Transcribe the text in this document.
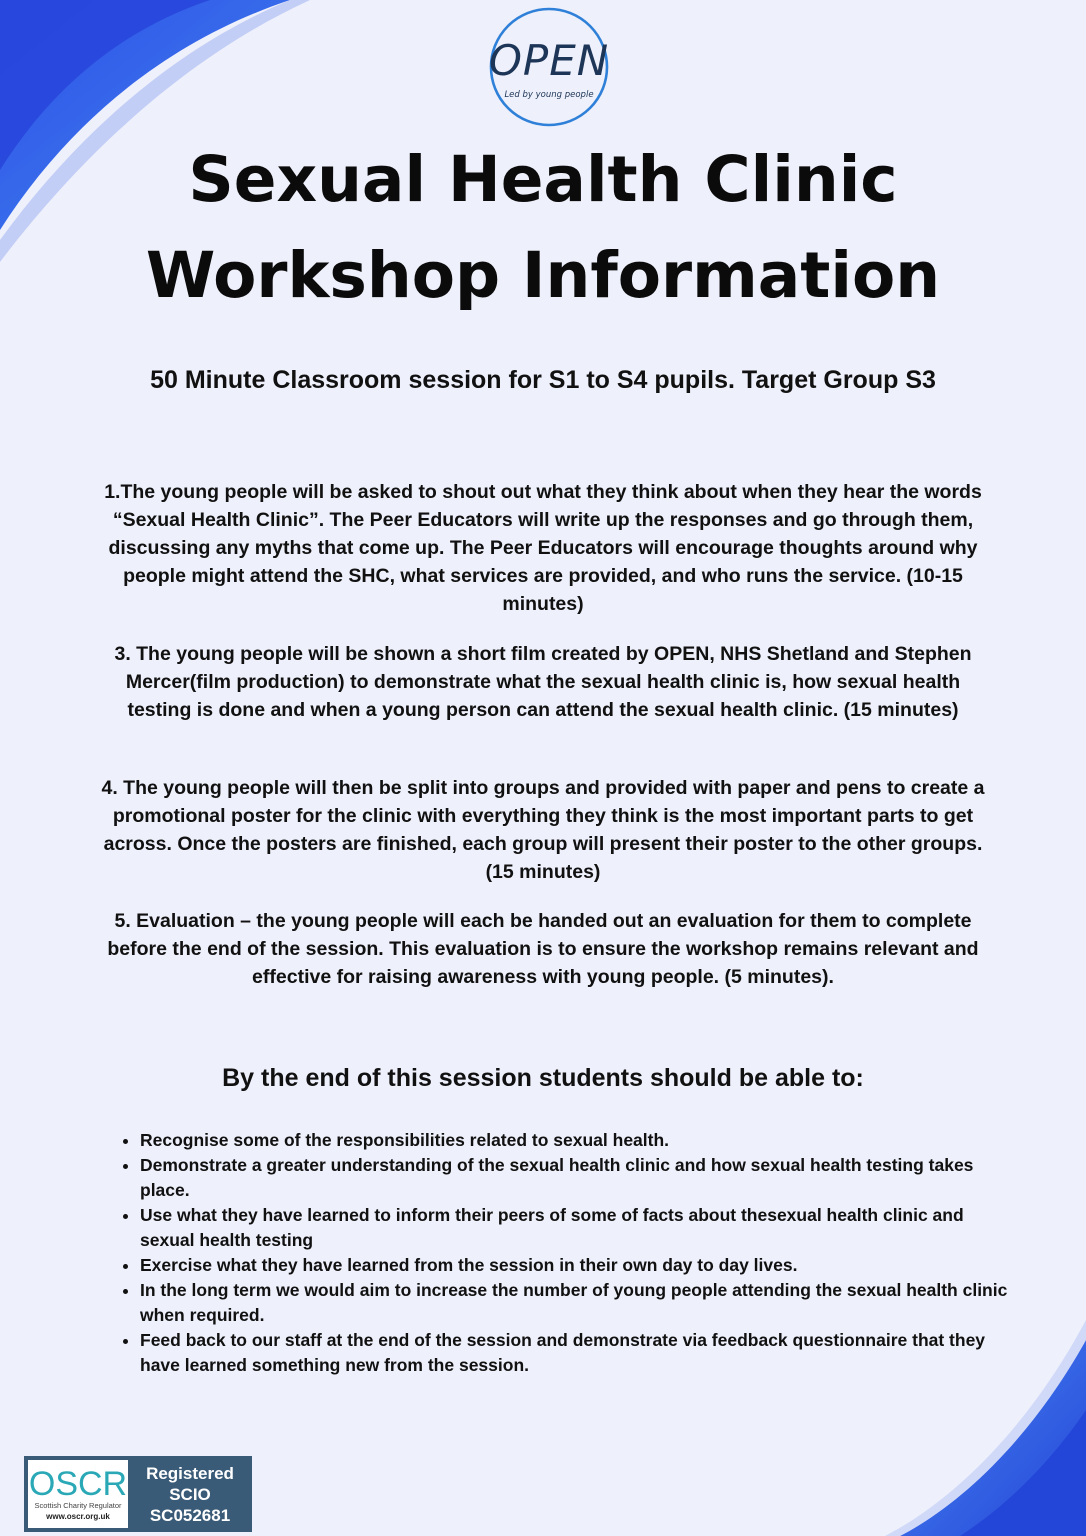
OPEN
Led by young people
Sexual Health Clinic
Workshop Information

50 Minute Classroom session for S1 to S4 pupils. Target Group S3

1.The young people will be asked to shout out what they think about when they hear the words “Sexual Health Clinic”. The Peer Educators will write up the responses and go through them, discussing any myths that come up. The Peer Educators will encourage thoughts around why people might attend the SHC, what services are provided, and who runs the service. (10-15 minutes)

3. The young people will be shown a short film created by OPEN, NHS Shetland and Stephen Mercer(film production) to demonstrate what the sexual health clinic is, how sexual health testing is done and when a young person can attend the sexual health clinic. (15 minutes)

4. The young people will then be split into groups and provided with paper and pens to create a promotional poster for the clinic with everything they think is the most important parts to get across. Once the posters are finished, each group will present their poster to the other groups. (15 minutes)

5. Evaluation – the young people will each be handed out an evaluation for them to complete before the end of the session. This evaluation is to ensure the workshop remains relevant and effective for raising awareness with young people. (5 minutes).

By the end of this session students should be able to:
• Recognise some of the responsibilities related to sexual health.
• Demonstrate a greater understanding of the sexual health clinic and how sexual health testing takes place.
• Use what they have learned to inform their peers of some of facts about thesexual health clinic and sexual health testing
• Exercise what they have learned from the session in their own day to day lives.
• In the long term we would aim to increase the number of young people attending the sexual health clinic when required.
• Feed back to our staff at the end of the session and demonstrate via feedback questionnaire that they have learned something new from the session.
OSCR
Scottish Charity Regulator
www.oscr.org.uk
Registered
SCIO
SC052681
